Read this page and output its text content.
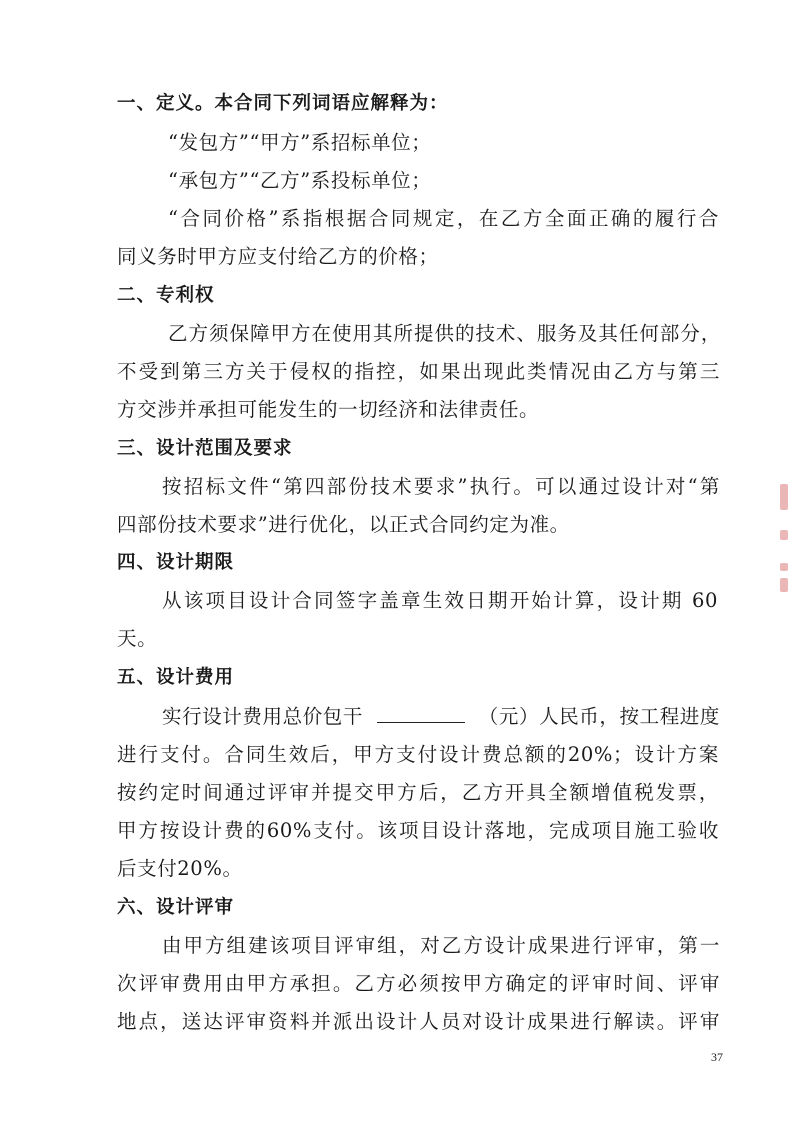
一、定义。本合同下列词语应解释为：
“发包方”“甲方”系招标单位；
“承包方”“乙方”系投标单位；
“合同价格”系指根据合同规定，在乙方全面正确的履行合
同义务时甲方应支付给乙方的价格；
二、专利权
乙方须保障甲方在使用其所提供的技术、服务及其任何部分，
不受到第三方关于侵权的指控，如果出现此类情况由乙方与第三
方交涉并承担可能发生的一切经济和法律责任。
三、设计范围及要求
按招标文件“第四部份技术要求”执行。可以通过设计对“第
四部份技术要求”进行优化，以正式合同约定为准。
四、设计期限
从该项目设计合同签字盖章生效日期开始计算，设计期 60
天。
五、设计费用
实行设计费用总价包干	（元）人民币，按工程进度
进行支付。合同生效后，甲方支付设计费总额的20%；设计方案
按约定时间通过评审并提交甲方后，乙方开具全额增值税发票，
甲方按设计费的60%支付。该项目设计落地，完成项目施工验收
后支付20%。
六、设计评审
由甲方组建该项目评审组，对乙方设计成果进行评审，第一
次评审费用由甲方承担。乙方必须按甲方确定的评审时间、评审
地点，送达评审资料并派出设计人员对设计成果进行解读。评审
37
